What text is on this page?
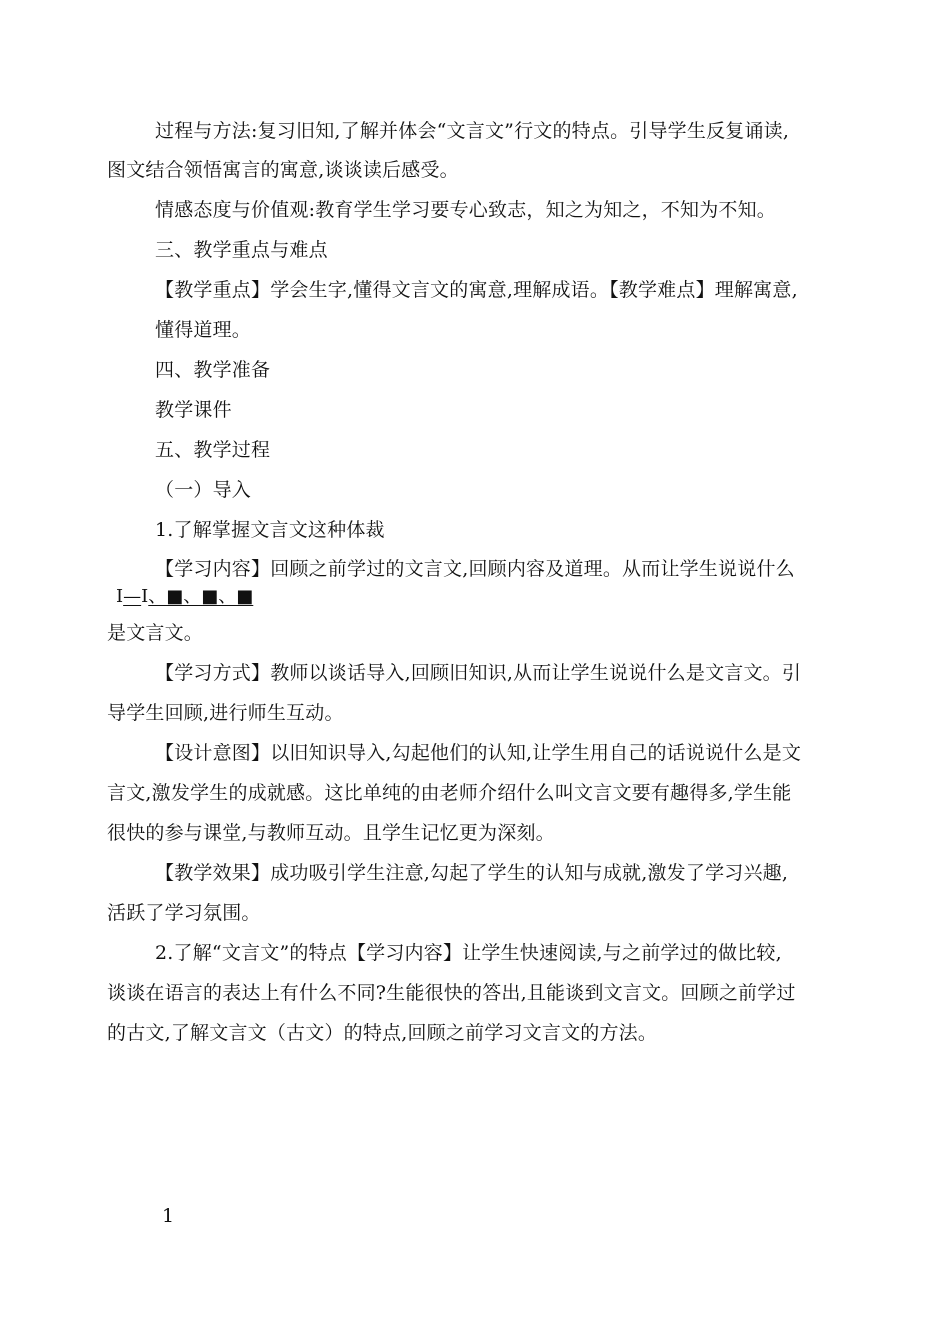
过程与方法:复习旧知,了解并体会“文言文”行文的特点。引导学生反复诵读,
图文结合领悟寓言的寓意,谈谈读后感受。
情感态度与价值观:教育学生学习要专心致志，知之为知之，不知为不知。
三、教学重点与难点
【教学重点】学会生字,懂得文言文的寓意,理解成语。【教学难点】理解寓意,
懂得道理。
四、教学准备
教学课件
五、教学过程
（一）导入
1.了解掌握文言文这种体裁
【学习内容】回顾之前学过的文言文,回顾内容及道理。从而让学生说说什么
I—I、■、■、■
是文言文。
【学习方式】教师以谈话导入,回顾旧知识,从而让学生说说什么是文言文。引
导学生回顾,进行师生互动。
【设计意图】以旧知识导入,勾起他们的认知,让学生用自己的话说说什么是文
言文,激发学生的成就感。这比单纯的由老师介绍什么叫文言文要有趣得多,学生能
很快的参与课堂,与教师互动。且学生记忆更为深刻。
【教学效果】成功吸引学生注意,勾起了学生的认知与成就,激发了学习兴趣,
活跃了学习氛围。
2.了解“文言文”的特点【学习内容】让学生快速阅读,与之前学过的做比较,
谈谈在语言的表达上有什么不同?生能很快的答出,且能谈到文言文。回顾之前学过
的古文,了解文言文（古文）的特点,回顾之前学习文言文的方法。
1
